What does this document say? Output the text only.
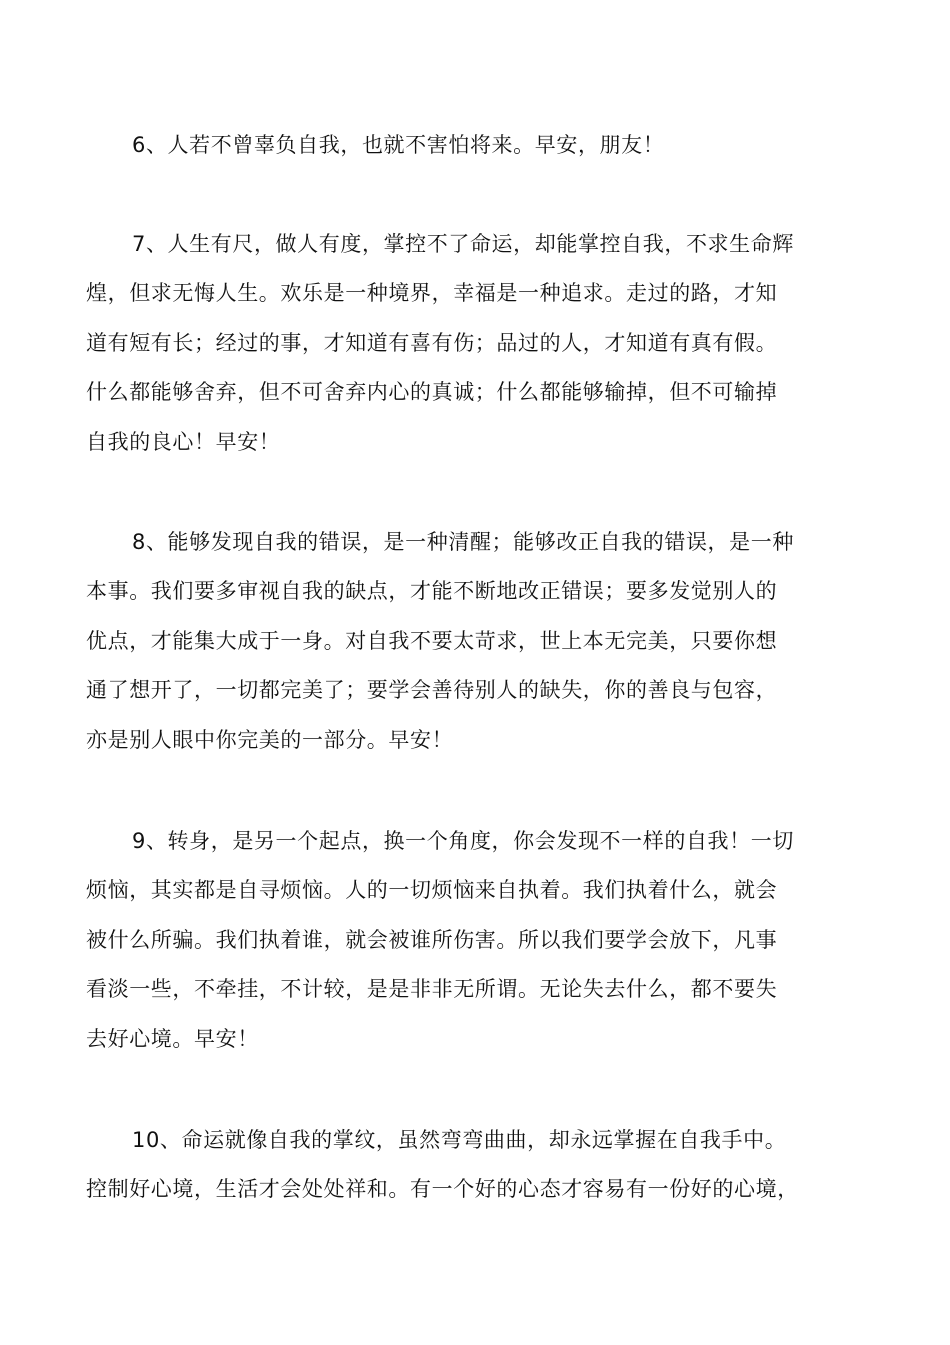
6、人若不曾辜负自我，也就不害怕将来。早安，朋友！
7、人生有尺，做人有度，掌控不了命运，却能掌控自我，不求生命辉
煌，但求无悔人生。欢乐是一种境界，幸福是一种追求。走过的路，才知
道有短有长；经过的事，才知道有喜有伤；品过的人，才知道有真有假。
什么都能够舍弃，但不可舍弃内心的真诚；什么都能够输掉，但不可输掉
自我的良心！早安！
8、能够发现自我的错误，是一种清醒；能够改正自我的错误，是一种
本事。我们要多审视自我的缺点，才能不断地改正错误；要多发觉别人的
优点，才能集大成于一身。对自我不要太苛求，世上本无完美，只要你想
通了想开了，一切都完美了；要学会善待别人的缺失，你的善良与包容，
亦是别人眼中你完美的一部分。早安！
9、转身，是另一个起点，换一个角度，你会发现不一样的自我！一切
烦恼，其实都是自寻烦恼。人的一切烦恼来自执着。我们执着什么，就会
被什么所骗。我们执着谁，就会被谁所伤害。所以我们要学会放下，凡事
看淡一些，不牵挂，不计较，是是非非无所谓。无论失去什么，都不要失
去好心境。早安！
10、命运就像自我的掌纹，虽然弯弯曲曲，却永远掌握在自我手中。
控制好心境，生活才会处处祥和。有一个好的心态才容易有一份好的心境，
